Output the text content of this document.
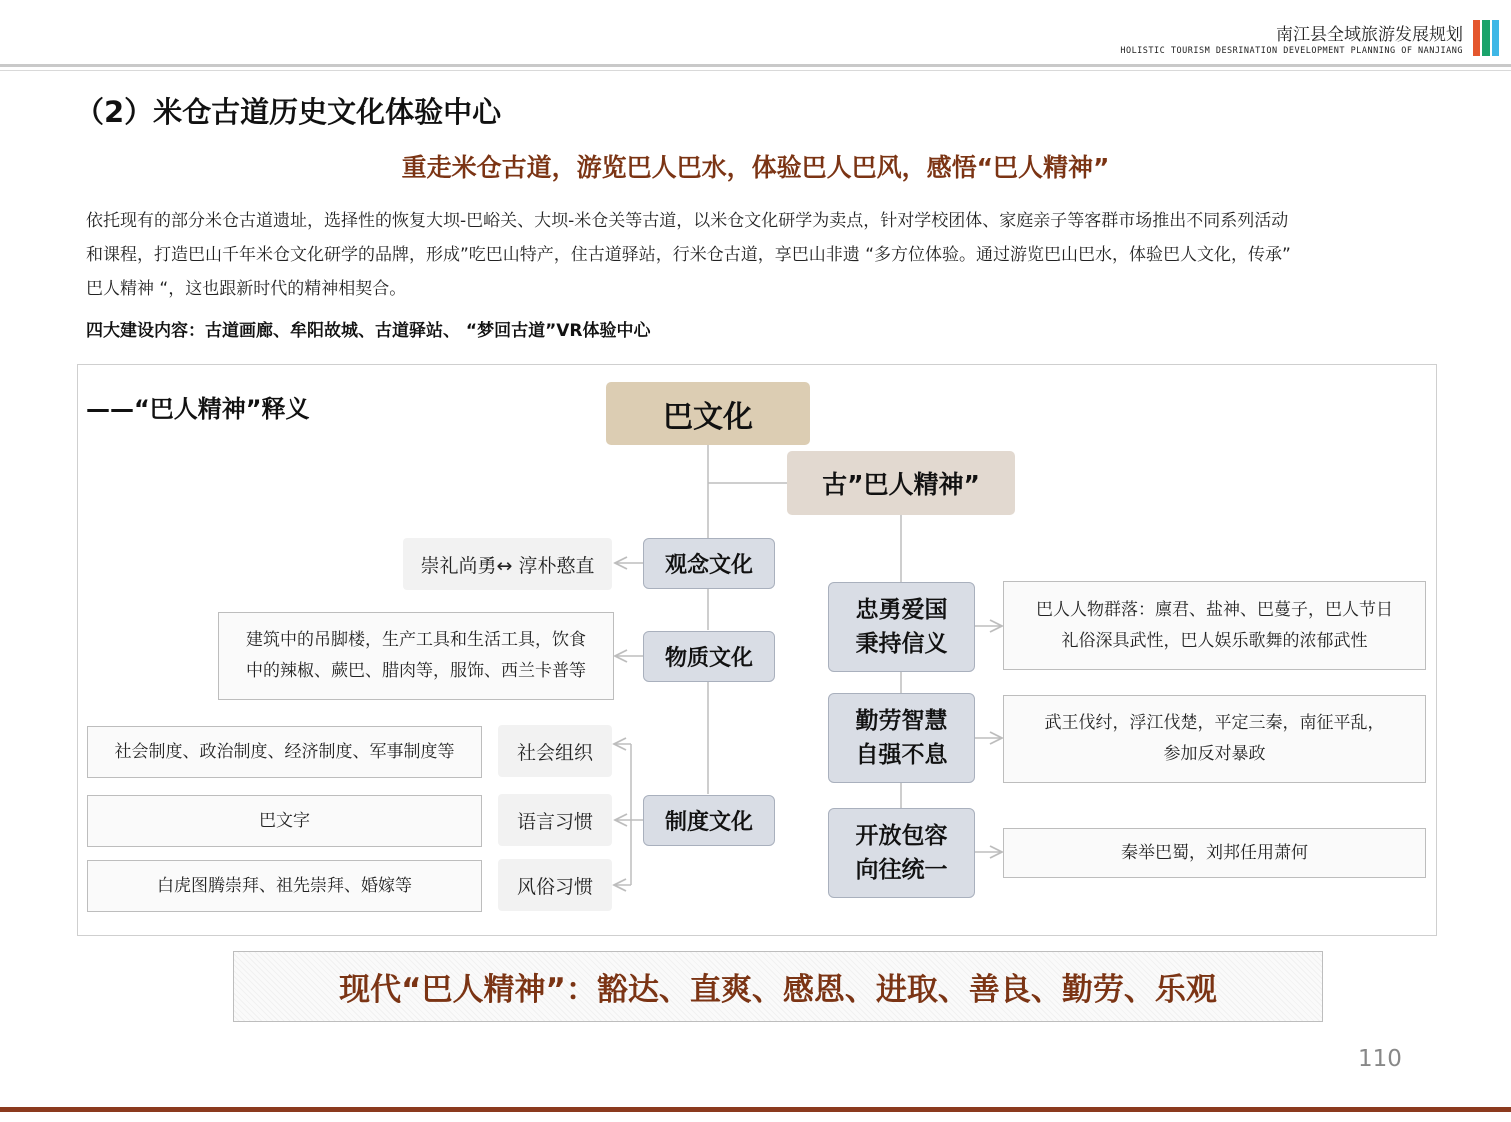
南江县全域旅游发展规划
HOLISTIC TOURISM DESRINATION DEVELOPMENT PLANNING OF NANJIANG
（2）米仓古道历史文化体验中心
重走米仓古道，游览巴人巴水，体验巴人巴风，感悟“巴人精神”

依托现有的部分米仓古道遗址，选择性的恢复大坝-巴峪关、大坝-米仓关等古道，以米仓文化研学为卖点，针对学校团体、家庭亲子等客群市场推出不同系列活动

和课程，打造巴山千年米仓文化研学的品牌，形成”吃巴山特产，住古道驿站，行米仓古道，享巴山非遗 “多方位体验。通过游览巴山巴水，体验巴人文化，传承”

巴人精神 “，这也跟新时代的精神相契合。

四大建设内容：古道画廊、牟阳故城、古道驿站、 “梦回古道”VR体验中心
——“巴人精神”释义	巴文化
古”巴人精神”
观念文化
物质文化
制度文化
崇礼尚勇↔ 淳朴憨直
建筑中的吊脚楼，生产工具和生活工具，饮食
中的辣椒、蕨巴、腊肉等，服饰、西兰卡普等
社会组织
语言习惯
风俗习惯
社会制度、政治制度、经济制度、军事制度等
巴文字
白虎图腾崇拜、祖先崇拜、婚嫁等
忠勇爱国
秉持信义
勤劳智慧
自强不息
开放包容
向往统一
巴人人物群落：廪君、盐神、巴蔓子，巴人节日
礼俗深具武性，巴人娱乐歌舞的浓郁武性
武王伐纣，浮江伐楚，平定三秦，南征平乱，
参加反对暴政
秦举巴蜀，刘邦任用萧何
现代“巴人精神”：豁达、直爽、感恩、进取、善良、勤劳、乐观
110
